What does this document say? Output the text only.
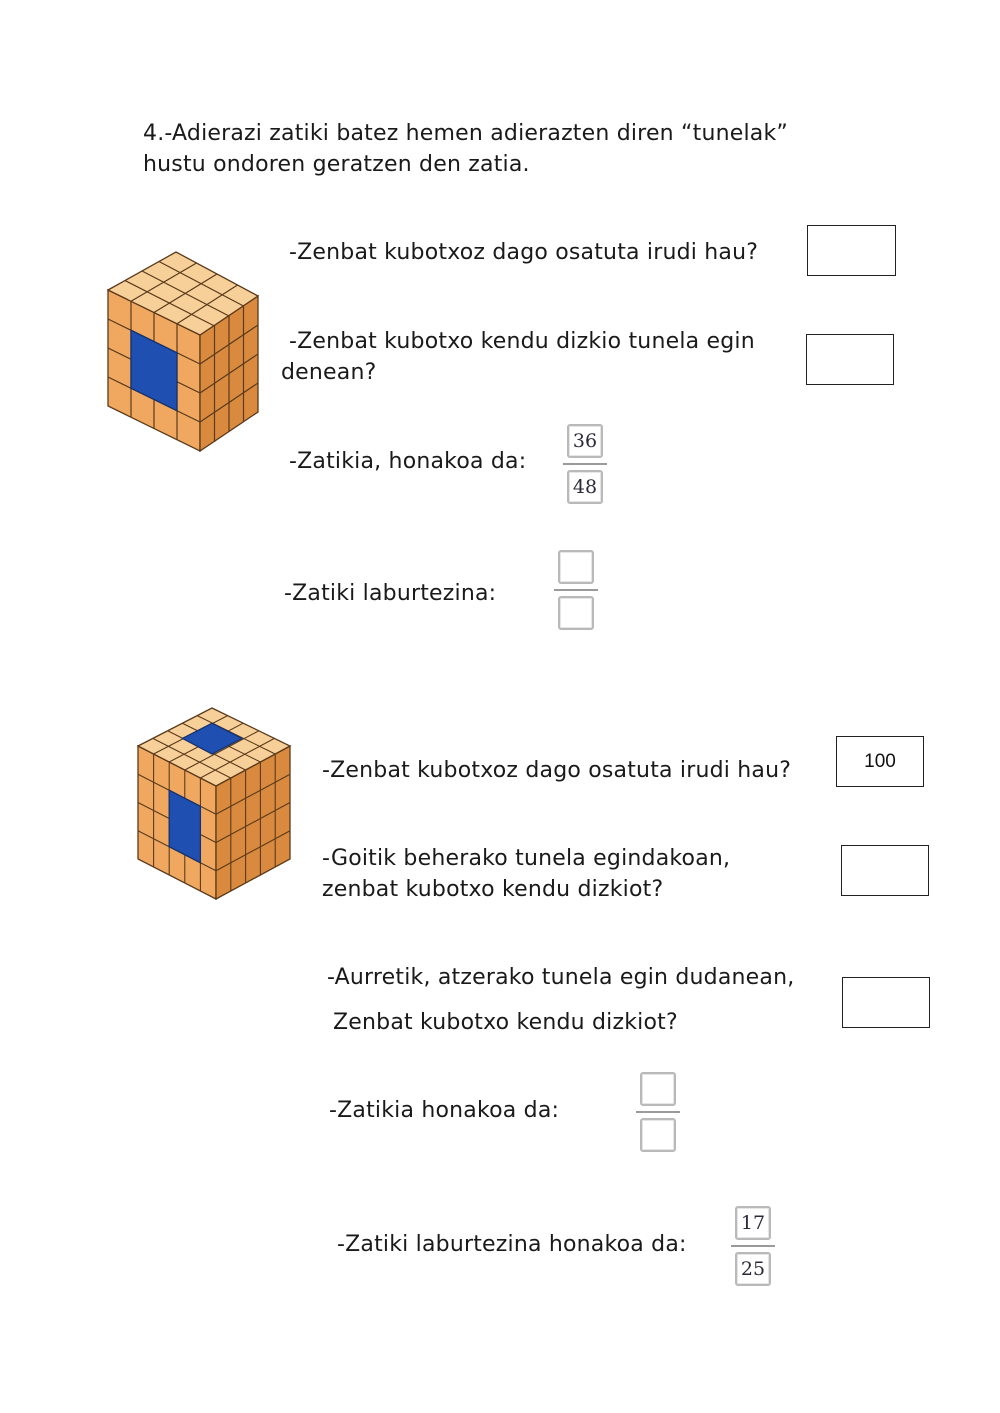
4.-Adierazi zatiki batez hemen adierazten diren “tunelak”
hustu ondoren geratzen den zatia.
-Zenbat kubotxoz dago osatuta irudi hau?
-Zenbat kubotxo kendu dizkio tunela egin
denean?
-Zatikia, honakoa da: $\frac{36}{48}$
-Zatiki laburtezina:
-Zenbat kubotxoz dago osatuta irudi hau?	100
-Goitik beherako tunela egindakoan,
zenbat kubotxo kendu dizkiot?
-Aurretik, atzerako tunela egin dudanean,
Zenbat kubotxo kendu dizkiot?
-Zatikia honakoa da:
-Zatiki laburtezina honakoa da: $\frac{17}{25}$
